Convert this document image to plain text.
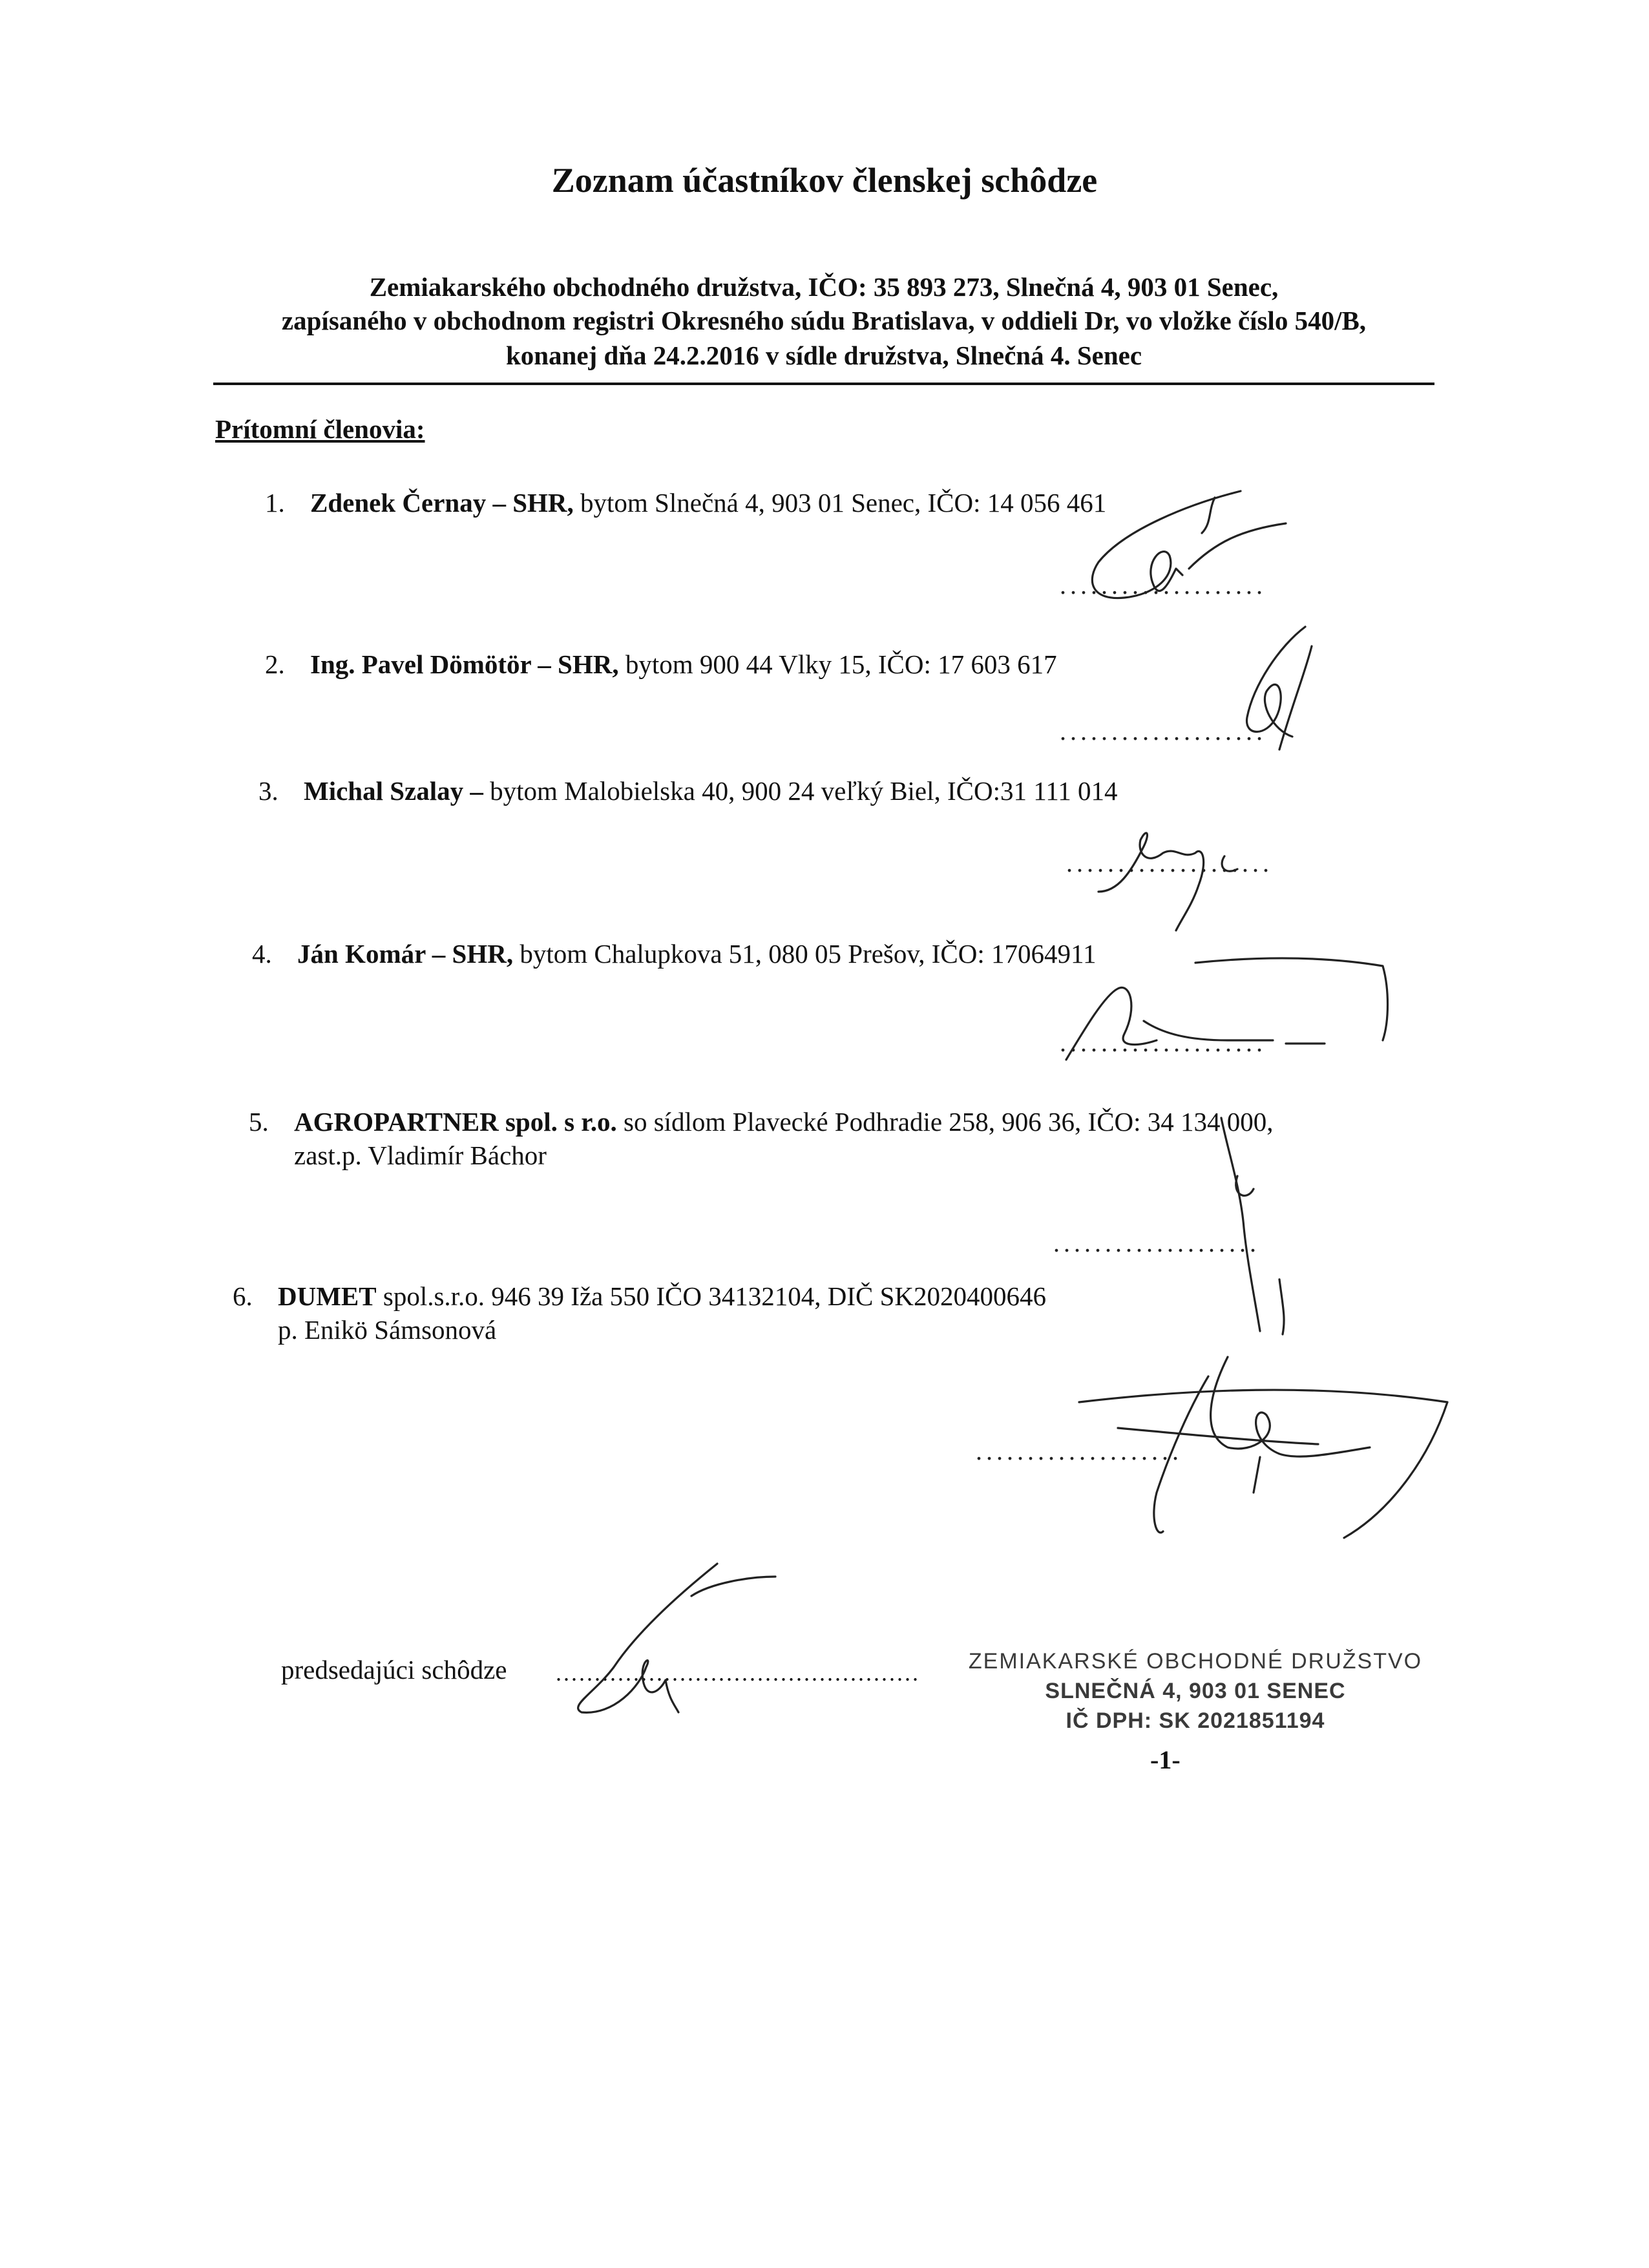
Zoznam účastníkov členskej schôdze
Zemiakarského obchodného družstva, IČO: 35 893 273, Slnečná 4, 903 01 Senec,
zapísaného v obchodnom registri Okresného súdu Bratislava, v oddieli Dr, vo vložke číslo 540/B,
konanej dňa 24.2.2016 v sídle družstva, Slnečná 4. Senec
Prítomní členovia:
1. Zdenek Černay – SHR, bytom Slnečná 4, 903 01 Senec, IČO: 14 056 461
....................
2. Ing. Pavel Dömötör – SHR, bytom 900 44 Vlky 15, IČO: 17 603 617
....................
3. Michal Szalay – bytom Malobielska 40, 900 24 veľký Biel, IČO:31 111 014
....................
4. Ján Komár – SHR, bytom Chalupkova 51, 080 05 Prešov, IČO: 17064911
....................
5. AGROPARTNER spol. s r.o. so sídlom Plavecké Podhradie 258, 906 36, IČO: 34 134 000,
zast.p. Vladimír Báchor
....................
6. DUMET spol.s.r.o. 946 39 Iža 550 IČO 34132104, DIČ SK2020400646
p. Enikö Sámsonová
....................
predsedajúci schôdze ............................................... ZEMIAKARSKÉ OBCHODNÉ DRUŽSTVO
SLNEČNÁ 4, 903 01 SENEC
IČ DPH: SK 2021851194
-1-
